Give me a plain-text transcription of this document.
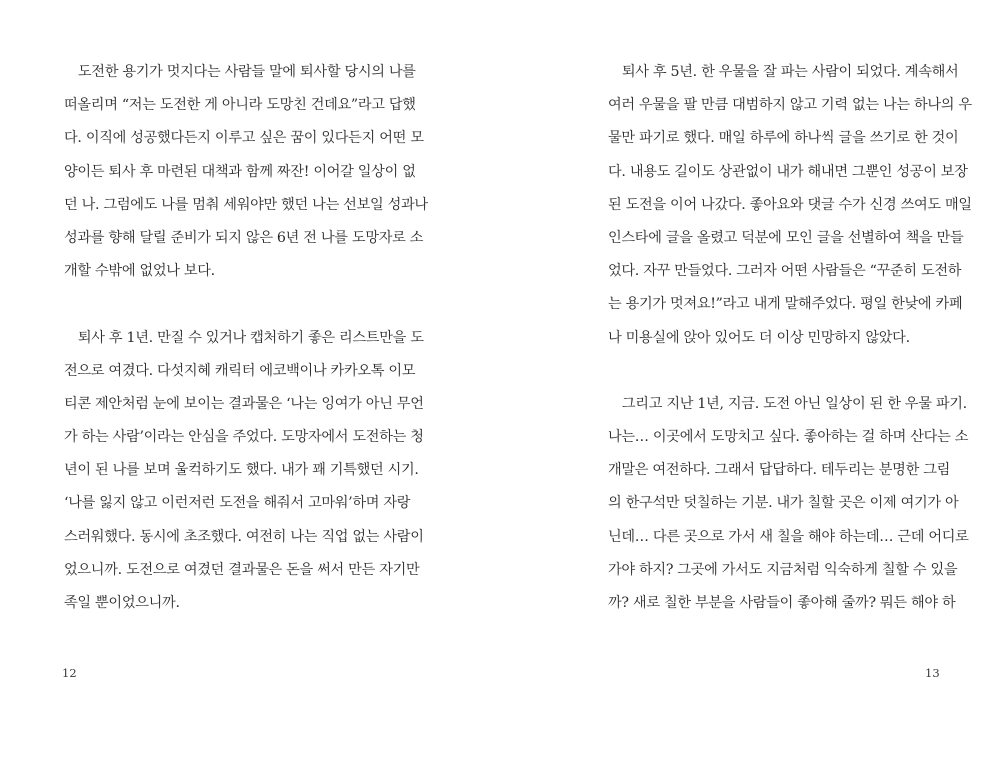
　도전한 용기가 멋지다는 사람들 말에 퇴사할 당시의 나를
떠올리며 “저는 도전한 게 아니라 도망친 건데요”라고 답했
다. 이직에 성공했다든지 이루고 싶은 꿈이 있다든지 어떤 모
양이든 퇴사 후 마련된 대책과 함께 짜잔! 이어갈 일상이 없
던 나. 그럼에도 나를 멈춰 세워야만 했던 나는 선보일 성과나
성과를 향해 달릴 준비가 되지 않은 6년 전 나를 도망자로 소
개할 수밖에 없었나 보다.
　퇴사 후 1년. 만질 수 있거나 캡처하기 좋은 리스트만을 도
전으로 여겼다. 다섯지혜 캐릭터 에코백이나 카카오톡 이모
티콘 제안처럼 눈에 보이는 결과물은 ‘나는 잉여가 아닌 무언
가 하는 사람’이라는 안심을 주었다. 도망자에서 도전하는 청
년이 된 나를 보며 울컥하기도 했다. 내가 꽤 기특했던 시기.
‘나를 잃지 않고 이런저런 도전을 해줘서 고마워’하며 자랑
스러워했다. 동시에 초조했다. 여전히 나는 직업 없는 사람이
었으니까. 도전으로 여겼던 결과물은 돈을 써서 만든 자기만
족일 뿐이었으니까.
12
　퇴사 후 5년. 한 우물을 잘 파는 사람이 되었다. 계속해서
여러 우물을 팔 만큼 대범하지 않고 기력 없는 나는 하나의 우
물만 파기로 했다. 매일 하루에 하나씩 글을 쓰기로 한 것이
다. 내용도 길이도 상관없이 내가 해내면 그뿐인 성공이 보장
된 도전을 이어 나갔다. 좋아요와 댓글 수가 신경 쓰여도 매일
인스타에 글을 올렸고 덕분에 모인 글을 선별하여 책을 만들
었다. 자꾸 만들었다. 그러자 어떤 사람들은 “꾸준히 도전하
는 용기가 멋져요!”라고 내게 말해주었다. 평일 한낮에 카페
나 미용실에 앉아 있어도 더 이상 민망하지 않았다.
　그리고 지난 1년, 지금. 도전 아닌 일상이 된 한 우물 파기.
나는… 이곳에서 도망치고 싶다. 좋아하는 걸 하며 산다는 소
개말은 여전하다. 그래서 답답하다. 테두리는 분명한 그림
의 한구석만 덧칠하는 기분. 내가 칠할 곳은 이제 여기가 아
닌데… 다른 곳으로 가서 새 칠을 해야 하는데… 근데 어디로
가야 하지? 그곳에 가서도 지금처럼 익숙하게 칠할 수 있을
까? 새로 칠한 부분을 사람들이 좋아해 줄까? 뭐든 해야 하
13
